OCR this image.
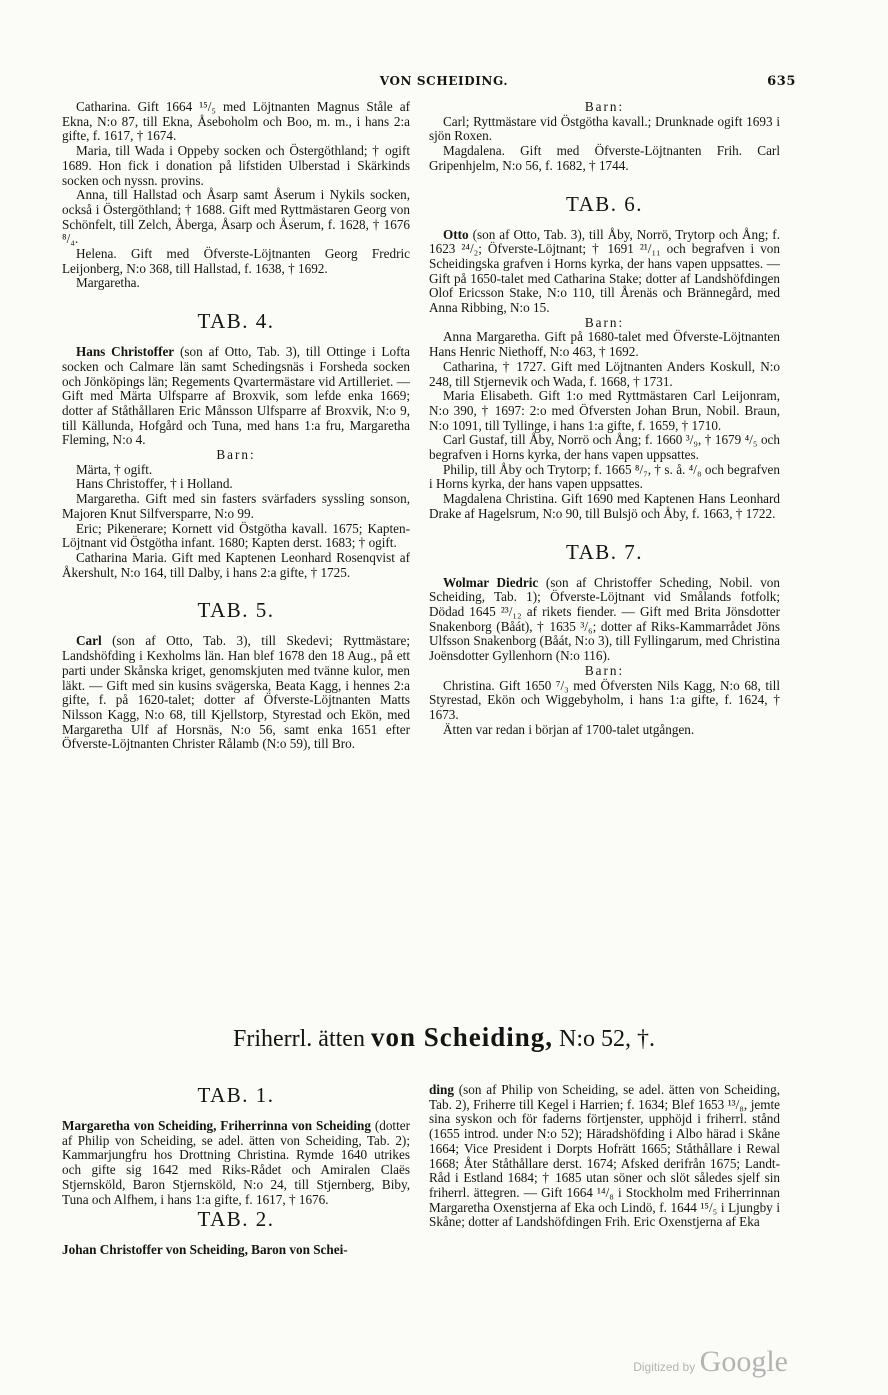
VON SCHEIDING.	635

Catharina. Gift 1664 ¹⁵/₅ med Löjtnanten Magnus Ståle af Ekna, N:o 87, till Ekna, Åseboholm och Boo, m. m., i hans 2:a gifte, f. 1617, † 1674.

Maria, till Wada i Oppeby socken och Östergöthland; † ogift 1689. Hon fick i donation på lifstiden Ulberstad i Skärkinds socken och nyssn. provins.

Anna, till Hallstad och Åsarp samt Åserum i Nykils socken, också i Östergöthland; † 1688. Gift med Ryttmästaren Georg von Schönfelt, till Zelch, Åberga, Åsarp och Åserum, f. 1628, † 1676 ⁸/₄.

Helena. Gift med Öfverste-Löjtnanten Georg Fredric Leijonberg, N:o 368, till Hallstad, f. 1638, † 1692.

Margaretha.

TAB. 4.

Hans Christoffer (son af Otto, Tab. 3), till Ottinge i Lofta socken och Calmare län samt Schedingsnäs i Forsheda socken och Jönköpings län; Regements Qvartermästare vid Artilleriet. — Gift med Märta Ulfsparre af Broxvik, som lefde enka 1669; dotter af Ståthållaren Eric Månsson Ulfsparre af Broxvik, N:o 9, till Källunda, Hofgård och Tuna, med hans 1:a fru, Margaretha Fleming, N:o 4.

Barn:

Märta, † ogift.

Hans Christoffer, † i Holland.

Margaretha. Gift med sin fasters svärfaders syssling sonson, Majoren Knut Silfversparre, N:o 99.

Eric; Pikenerare; Kornett vid Östgötha kavall. 1675; Kapten-Löjtnant vid Östgötha infant. 1680; Kapten derst. 1683; † ogift.

Catharina Maria. Gift med Kaptenen Leonhard Rosenqvist af Åkershult, N:o 164, till Dalby, i hans 2:a gifte, † 1725.

TAB. 5.

Carl (son af Otto, Tab. 3), till Skedevi; Ryttmästare; Landshöfding i Kexholms län. Han blef 1678 den 18 Aug., på ett parti under Skånska kriget, genomskjuten med tvänne kulor, men läkt. — Gift med sin kusins svägerska, Beata Kagg, i hennes 2:a gifte, f. på 1620-talet; dotter af Öfverste-Löjtnanten Matts Nilsson Kagg, N:o 68, till Kjellstorp, Styrestad och Ekön, med Margaretha Ulf af Horsnäs, N:o 56, samt enka 1651 efter Öfverste-Löjtnanten Christer Rålamb (N:o 59), till Bro.

Barn:

Carl; Ryttmästare vid Östgötha kavall.; Drunknade ogift 1693 i sjön Roxen.

Magdalena. Gift med Öfverste-Löjtnanten Frih. Carl Gripenhjelm, N:o 56, f. 1682, † 1744.

TAB. 6.

Otto (son af Otto, Tab. 3), till Åby, Norrö, Trytorp och Ång; f. 1623 ²⁴/₂; Öfverste-Löjtnant; † 1691 ²¹/₁₁ och begrafven i von Scheidingska grafven i Horns kyrka, der hans vapen uppsattes. — Gift på 1650-talet med Catharina Stake; dotter af Landshöfdingen Olof Ericsson Stake, N:o 110, till Årenäs och Brännegård, med Anna Ribbing, N:o 15.

Barn:

Anna Margaretha. Gift på 1680-talet med Öfverste-Löjtnanten Hans Henric Niethoff, N:o 463, † 1692.

Catharina, † 1727. Gift med Löjtnanten Anders Koskull, N:o 248, till Stjernevik och Wada, f. 1668, † 1731.

Maria Elisabeth. Gift 1:o med Ryttmästaren Carl Leijonram, N:o 390, † 1697: 2:o med Öfversten Johan Brun, Nobil. Braun, N:o 1091, till Tyllinge, i hans 1:a gifte, f. 1659, † 1710.

Carl Gustaf, till Åby, Norrö och Ång; f. 1660 ³/₉, † 1679 ⁴/₅ och begrafven i Horns kyrka, der hans vapen uppsattes.

Philip, till Åby och Trytorp; f. 1665 ⁸/₇, † s. å. ⁴/₈ och begrafven i Horns kyrka, der hans vapen uppsattes.

Magdalena Christina. Gift 1690 med Kaptenen Hans Leonhard Drake af Hagelsrum, N:o 90, till Bulsjö och Åby, f. 1663, † 1722.

TAB. 7.

Wolmar Diedric (son af Christoffer Scheding, Nobil. von Scheiding, Tab. 1); Öfverste-Löjtnant vid Smålands fotfolk; Dödad 1645 ²³/₁₂ af rikets fiender. — Gift med Brita Jönsdotter Snakenborg (Båát), † 1635 ³/₆; dotter af Riks-Kammarrådet Jöns Ulfsson Snakenborg (Båát, N:o 3), till Fyllingarum, med Christina Joënsdotter Gyllenhorn (N:o 116).

Barn:

Christina. Gift 1650 ⁷/₃ med Öfversten Nils Kagg, N:o 68, till Styrestad, Ekön och Wiggebyholm, i hans 1:a gifte, f. 1624, † 1673.

Ätten var redan i början af 1700-talet utgången.

Friherrl. ätten von Scheiding, N:o 52, †.
TAB. 1.

Margaretha von Scheiding, Friherrinna von Scheiding (dotter af Philip von Scheiding, se adel. ätten von Scheiding, Tab. 2); Kammarjungfru hos Drottning Christina. Rymde 1640 utrikes och gifte sig 1642 med Riks-Rådet och Amiralen Claës Stjernsköld, Baron Stjernsköld, N:o 24, till Stjernberg, Biby, Tuna och Alfhem, i hans 1:a gifte, f. 1617, † 1676.

TAB. 2.

Johan Christoffer von Scheiding, Baron von Schei-

ding (son af Philip von Scheiding, se adel. ätten von Scheiding, Tab. 2), Friherre till Kegel i Harrien; f. 1634; Blef 1653 ¹³/₈, jemte sina syskon och för faderns förtjenster, upphöjd i friherrl. stånd (1655 introd. under N:o 52); Häradshöfding i Albo härad i Skåne 1664; Vice President i Dorpts Hofrätt 1665; Ståthållare i Rewal 1668; Åter Ståthållare derst. 1674; Afsked derifrån 1675; Landt-Råd i Estland 1684; † 1685 utan söner och slöt således sjelf sin friherrl. ättegren. — Gift 1664 ¹⁴/₈ i Stockholm med Friherrinnan Margaretha Oxenstjerna af Eka och Lindö, f. 1644 ¹⁵/₅ i Ljungby i Skåne; dotter af Landshöfdingen Frih. Eric Oxenstjerna af Eka

Digitized by Google
